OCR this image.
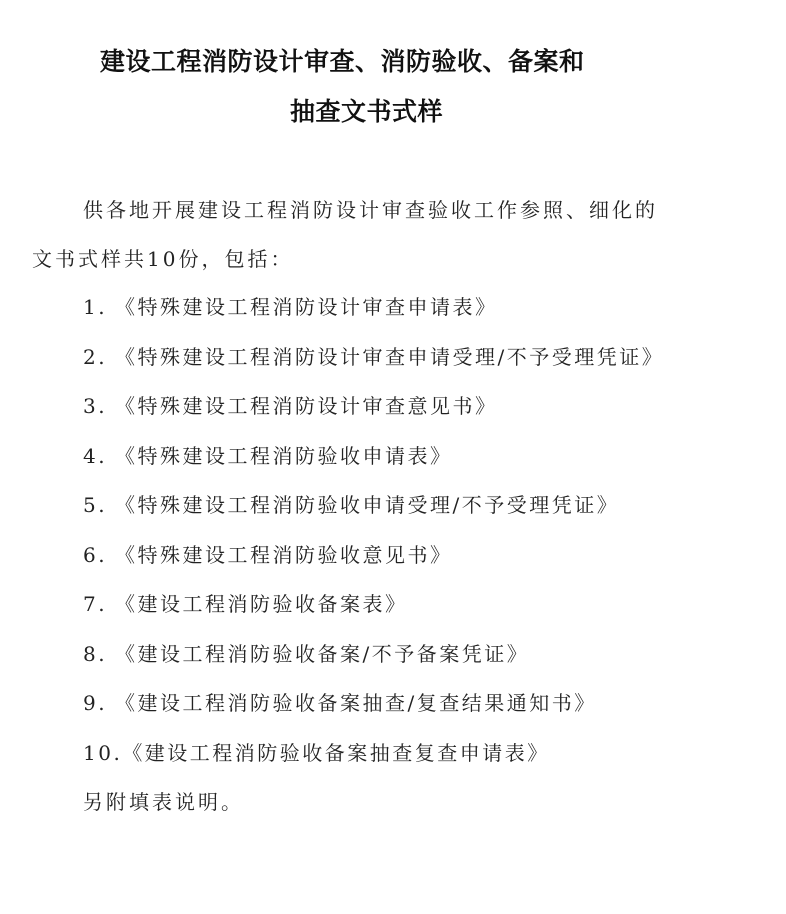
建设工程消防设计审查、消防验收、备案和
抽查文书式样
供各地开展建设工程消防设计审查验收工作参照、细化的
文书式样共10份，包括：
1. 《特殊建设工程消防设计审查申请表》
2. 《特殊建设工程消防设计审查申请受理/不予受理凭证》
3. 《特殊建设工程消防设计审查意见书》
4. 《特殊建设工程消防验收申请表》
5. 《特殊建设工程消防验收申请受理/不予受理凭证》
6. 《特殊建设工程消防验收意见书》
7. 《建设工程消防验收备案表》
8. 《建设工程消防验收备案/不予备案凭证》
9. 《建设工程消防验收备案抽查/复查结果通知书》
10.《建设工程消防验收备案抽查复查申请表》
另附填表说明。
